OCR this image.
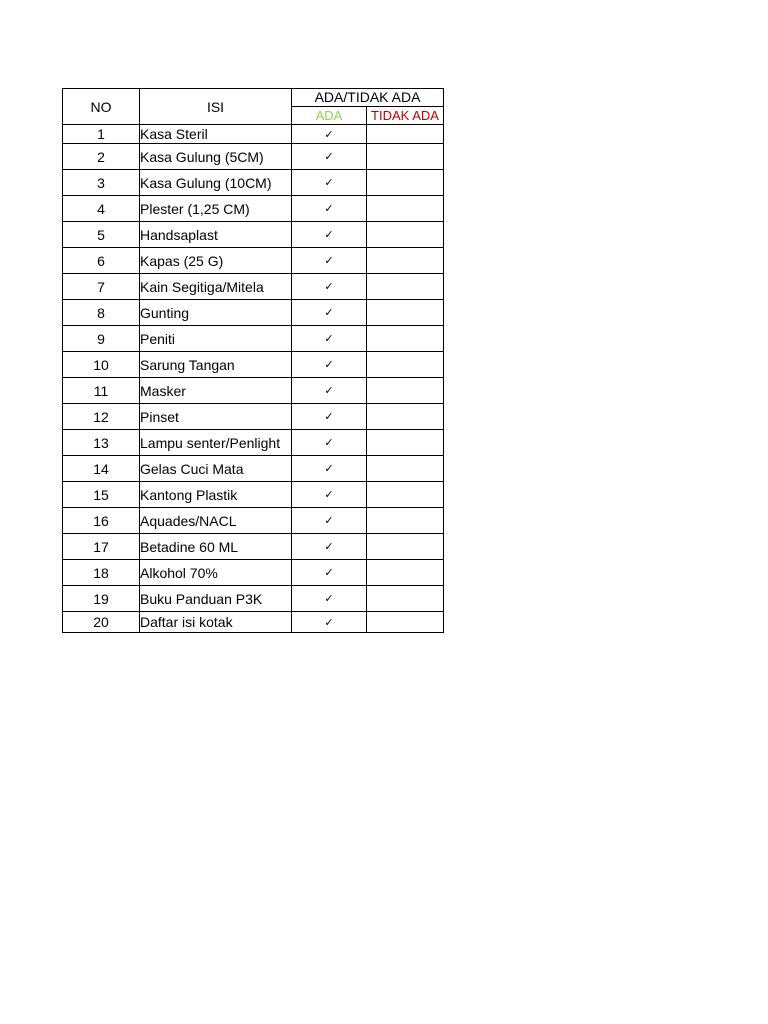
NO	ISI	ADA/TIDAK ADA	
		ADA	TIDAK ADA
1	Kasa Steril	✓	
2	Kasa Gulung (5CM)	✓	
3	Kasa Gulung (10CM)	✓	
4	Plester (1,25 CM)	✓	
5	Handsaplast	✓	
6	Kapas (25 G)	✓	
7	Kain Segitiga/Mitela	✓	
8	Gunting	✓	
9	Peniti	✓	
10	Sarung Tangan	✓	
11	Masker	✓	
12	Pinset	✓	
13	Lampu senter/Penlight	✓	
14	Gelas Cuci Mata	✓	
15	Kantong Plastik	✓	
16	Aquades/NACL	✓	
17	Betadine 60 ML	✓	
18	Alkohol 70%	✓	
19	Buku Panduan P3K	✓	
20	Daftar isi kotak	✓	
